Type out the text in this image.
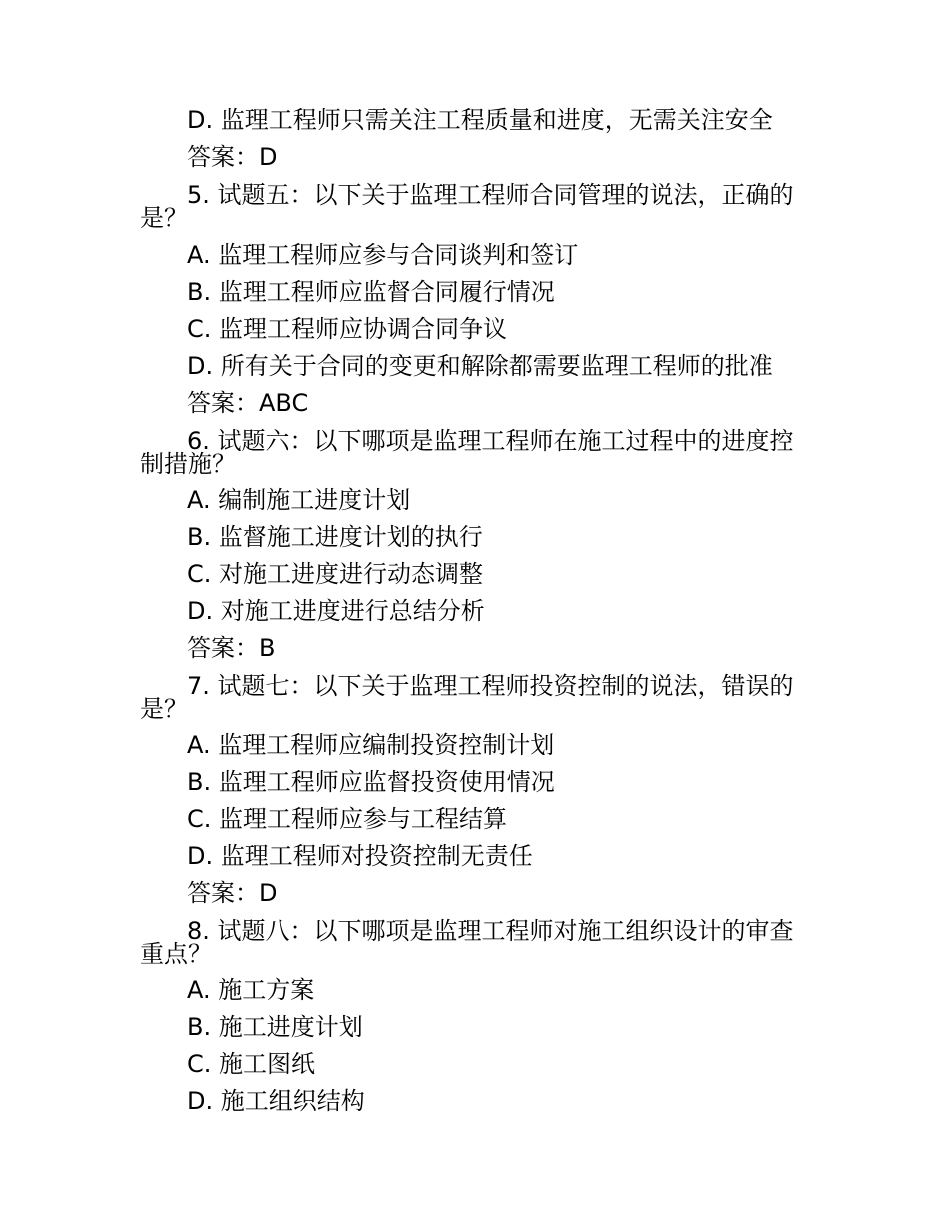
D. 监理工程师只需关注工程质量和进度，无需关注安全
答案：D
5. 试题五：以下关于监理工程师合同管理的说法，正确的
是？
A. 监理工程师应参与合同谈判和签订
B. 监理工程师应监督合同履行情况
C. 监理工程师应协调合同争议
D. 所有关于合同的变更和解除都需要监理工程师的批准
答案：ABC
6. 试题六：以下哪项是监理工程师在施工过程中的进度控
制措施？
A. 编制施工进度计划
B. 监督施工进度计划的执行
C. 对施工进度进行动态调整
D. 对施工进度进行总结分析
答案：B
7. 试题七：以下关于监理工程师投资控制的说法，错误的
是？
A. 监理工程师应编制投资控制计划
B. 监理工程师应监督投资使用情况
C. 监理工程师应参与工程结算
D. 监理工程师对投资控制无责任
答案：D
8. 试题八：以下哪项是监理工程师对施工组织设计的审查
重点？
A. 施工方案
B. 施工进度计划
C. 施工图纸
D. 施工组织结构
